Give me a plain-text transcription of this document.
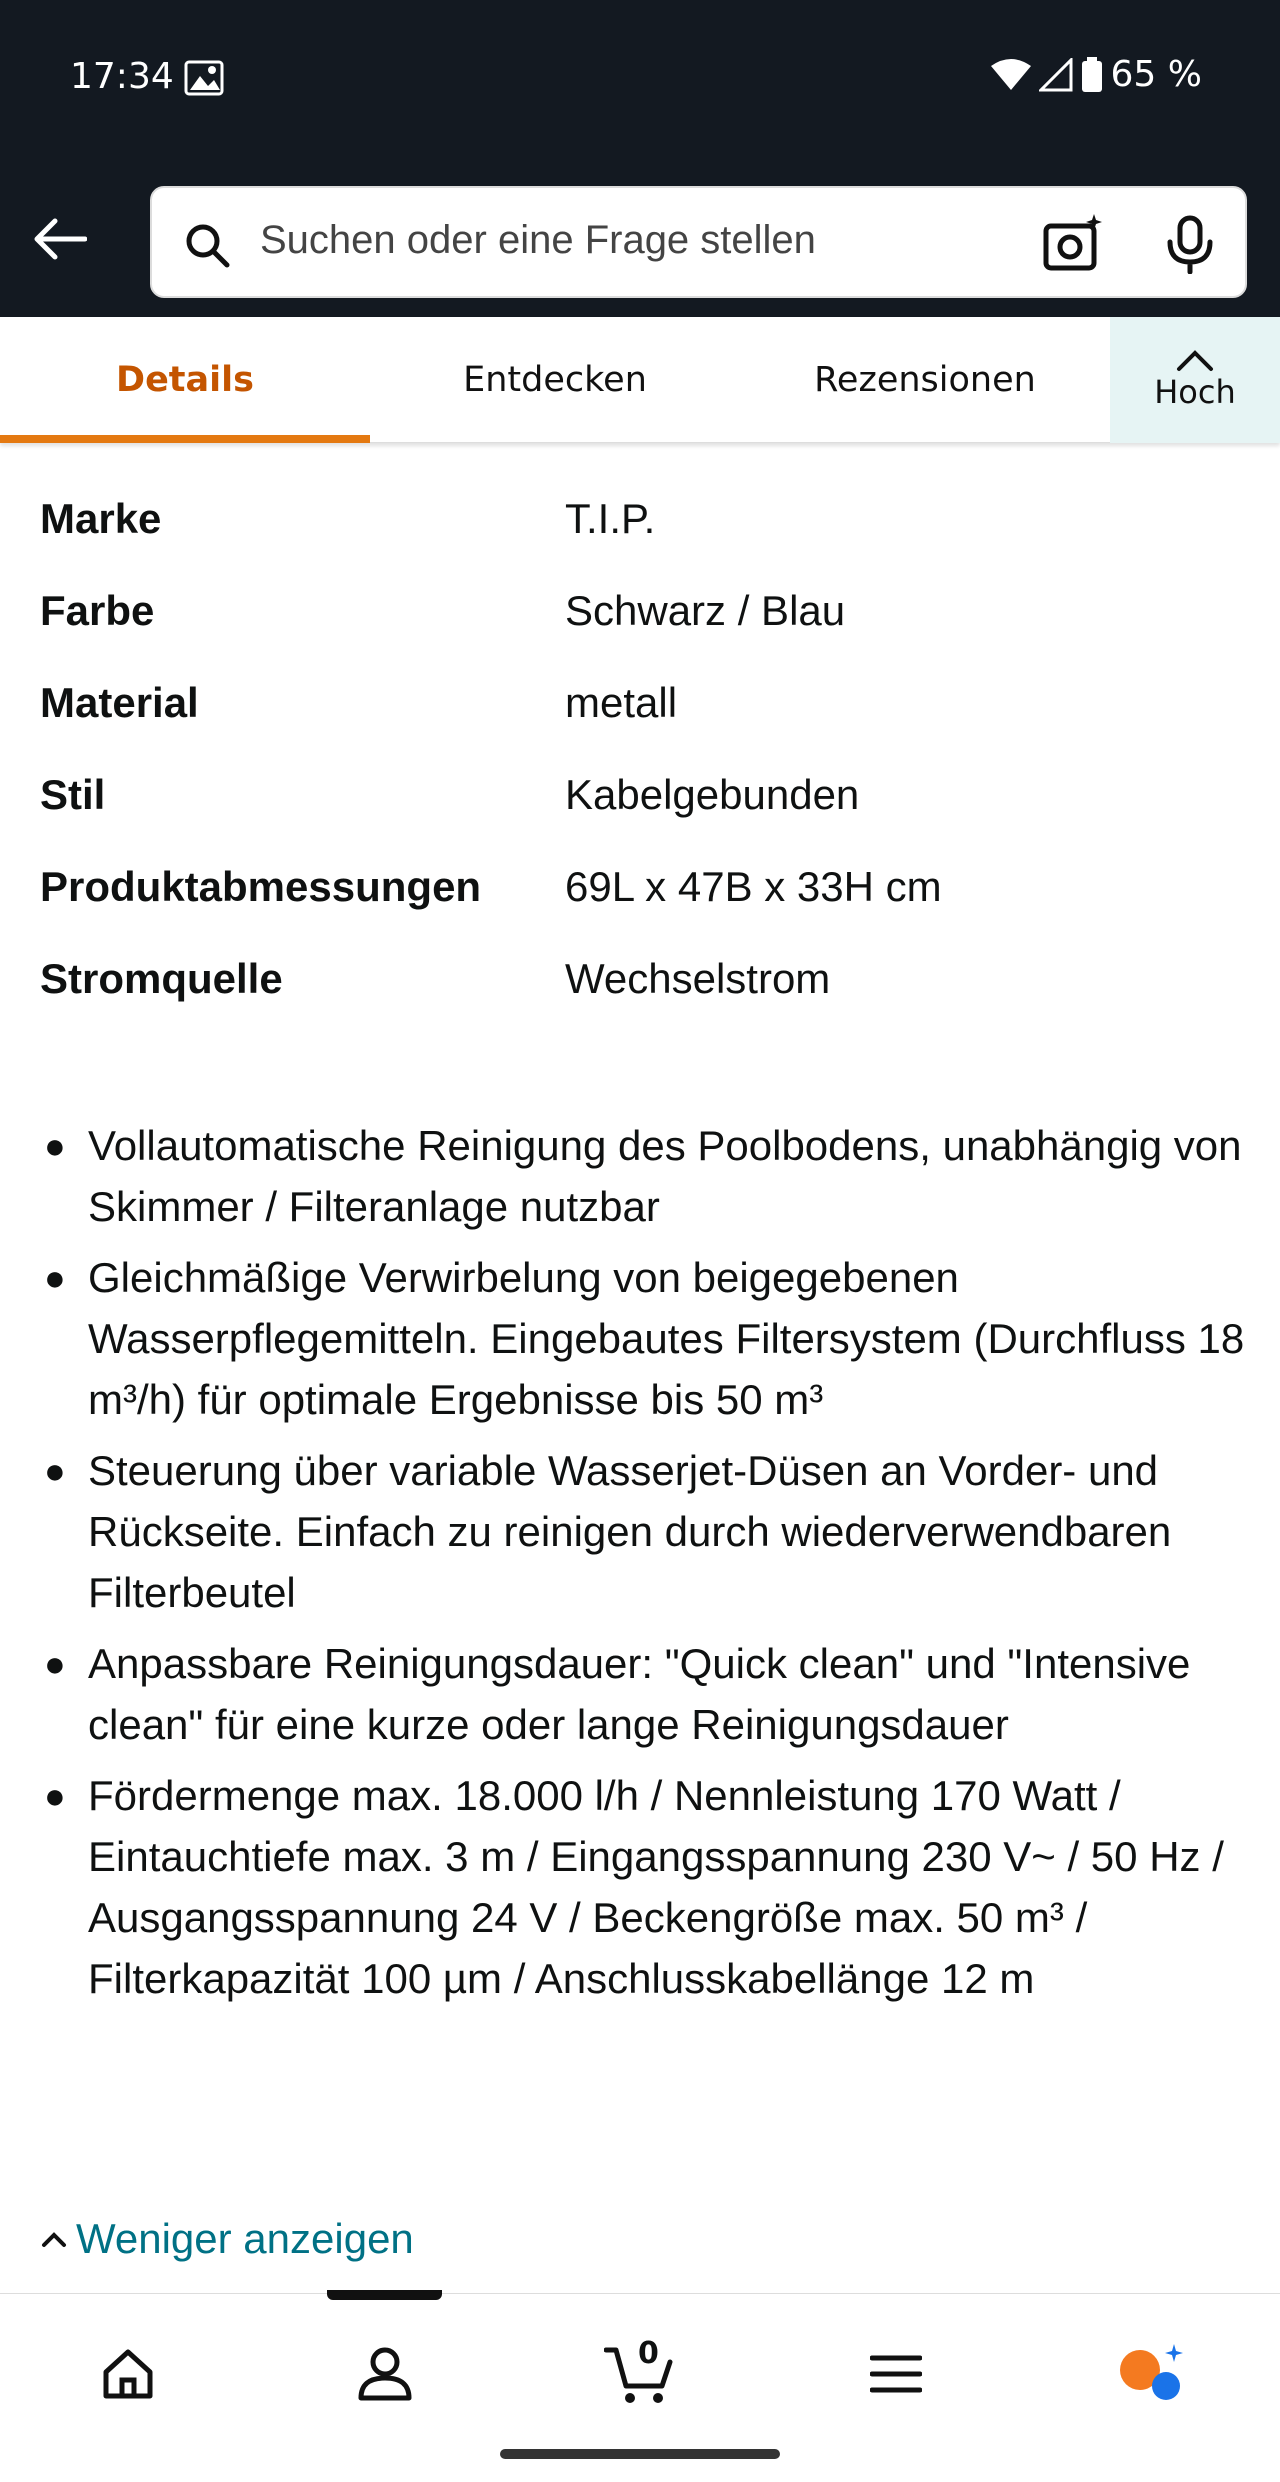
17:34	65 %
Suchen oder eine Frage stellen
Details	Entdecken	Rezensionen	Hoch
Marke	T.I.P.
Farbe	Schwarz / Blau
Material	metall
Stil	Kabelgebunden
Produktabmessungen	69L x 47B x 33H cm
Stromquelle	Wechselstrom
● Vollautomatische Reinigung des Poolbodens, unabhängig von Skimmer / Filteranlage nutzbar
● Gleichmäßige Verwirbelung von beigegebenen Wasserpflegemitteln. Eingebautes Filtersystem (Durchfluss 18 m³/h) für optimale Ergebnisse bis 50 m³
● Steuerung über variable Wasserjet-Düsen an Vorder- und Rückseite. Einfach zu reinigen durch wiederverwendbaren Filterbeutel
● Anpassbare Reinigungsdauer: "Quick clean" und "Intensive clean" für eine kurze oder lange Reinigungsdauer
● Fördermenge max. 18.000 l/h / Nennleistung 170 Watt / Eintauchtiefe max. 3 m / Eingangsspannung 230 V~ / 50 Hz / Ausgangsspannung 24 V / Beckengröße max. 50 m³ / Filterkapazität 100 µm / Anschlusskabellänge 12 m
Weniger anzeigen
0
